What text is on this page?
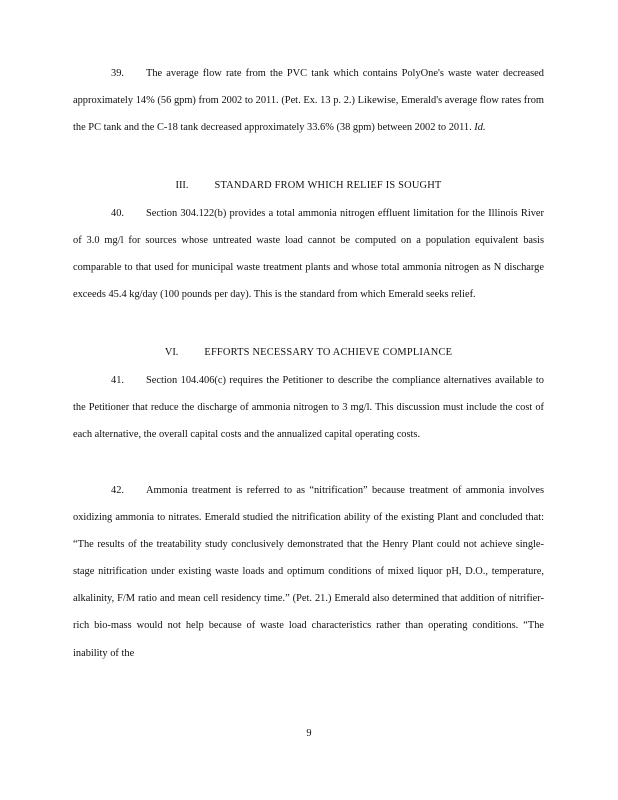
39. The average flow rate from the PVC tank which contains PolyOne's waste water decreased approximately 14% (56 gpm) from 2002 to 2011. (Pet. Ex. 13 p. 2.) Likewise, Emerald's average flow rates from the PC tank and the C-18 tank decreased approximately 33.6% (38 gpm) between 2002 to 2011. Id.

III.	STANDARD FROM WHICH RELIEF IS SOUGHT

40. Section 304.122(b) provides a total ammonia nitrogen effluent limitation for the Illinois River of 3.0 mg/l for sources whose untreated waste load cannot be computed on a population equivalent basis comparable to that used for municipal waste treatment plants and whose total ammonia nitrogen as N discharge exceeds 45.4 kg/day (100 pounds per day). This is the standard from which Emerald seeks relief.

VI.	EFFORTS NECESSARY TO ACHIEVE COMPLIANCE

41. Section 104.406(c) requires the Petitioner to describe the compliance alternatives available to the Petitioner that reduce the discharge of ammonia nitrogen to 3 mg/l. This discussion must include the cost of each alternative, the overall capital costs and the annualized capital operating costs.

42. Ammonia treatment is referred to as “nitrification” because treatment of ammonia involves oxidizing ammonia to nitrates. Emerald studied the nitrification ability of the existing Plant and concluded that: “The results of the treatability study conclusively demonstrated that the Henry Plant could not achieve single-stage nitrification under existing waste loads and optimum conditions of mixed liquor pH, D.O., temperature, alkalinity, F/M ratio and mean cell residency time.” (Pet. 21.) Emerald also determined that addition of nitrifier-rich bio-mass would not help because of waste load characteristics rather than operating conditions. “The inability of the

9
